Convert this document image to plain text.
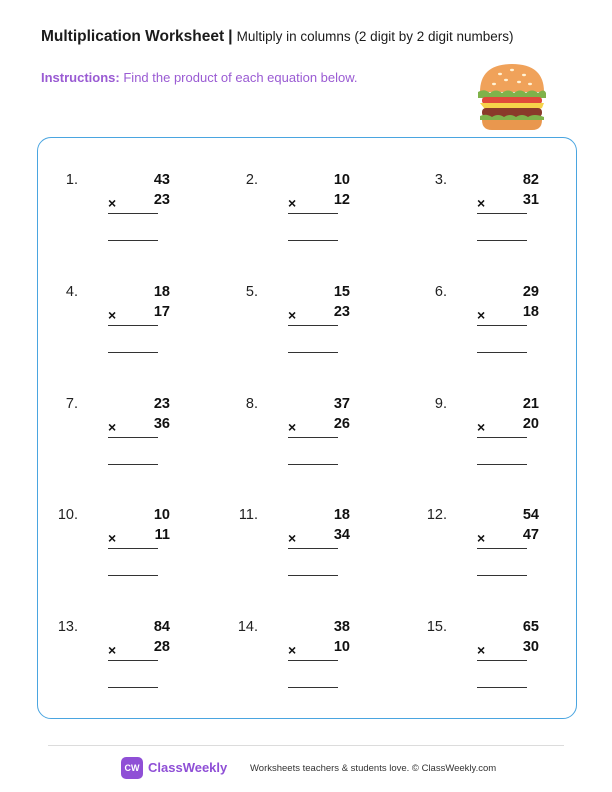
Multiplication Worksheet | Multiply in columns (2 digit by 2 digit numbers)
Instructions: Find the product of each equation below.
1.	43
×	23
2.	10
×	12
3.	82
×	31
4.	18
×	17
5.	15
×	23
6.	29
×	18
7.	23
×	36
8.	37
×	26
9.	21
×	20
10.	10
×	11
11.	18
×	34
12.	54
×	47
13.	84
×	28
14.	38
×	10
15.	65
×	30
CW ClassWeekly Worksheets teachers & students love. © ClassWeekly.com
